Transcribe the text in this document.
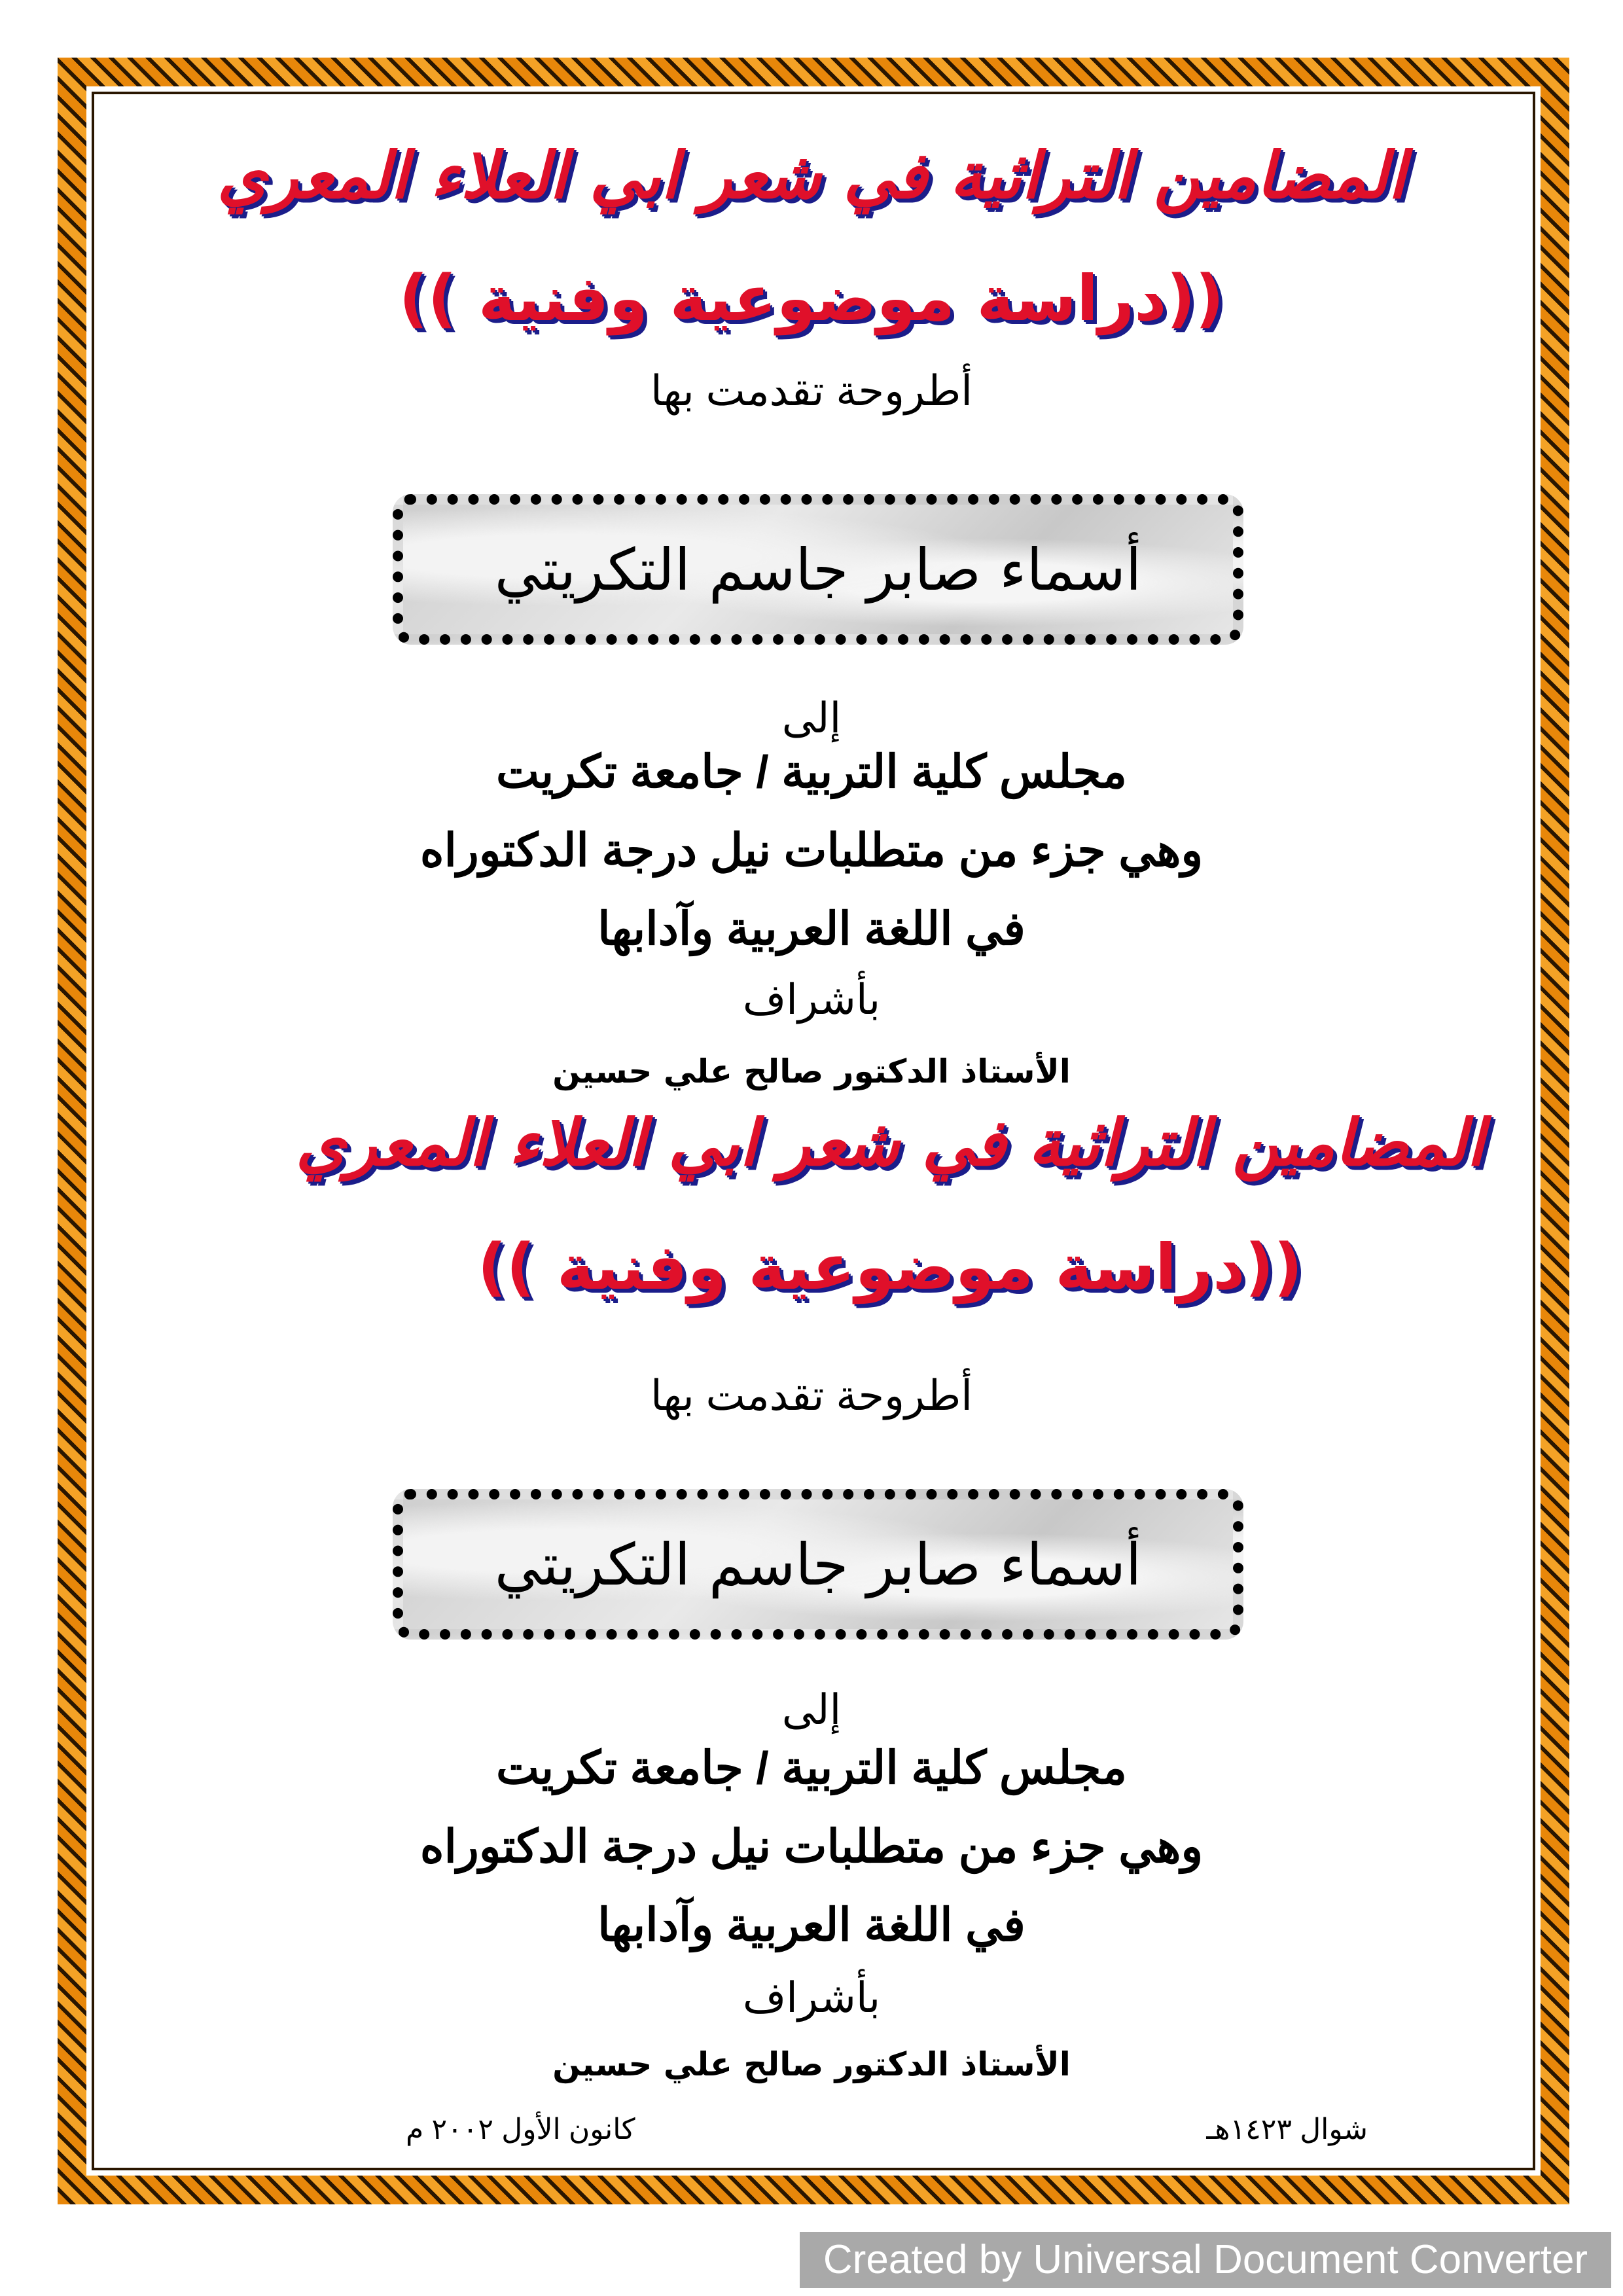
المضامين التراثية في شعر ابي العلاء المعري
((دراسة موضوعية وفنية ))
أطروحة تقدمت بها
أسماء صابر جاسم التكريتي
إلى
مجلس كلية التربية / جامعة تكريت
وهي جزء من متطلبات نيل درجة الدكتوراه
في اللغة العربية وآدابها
بأشراف
الأستاذ الدكتور صالح علي حسين
المضامين التراثية في شعر ابي العلاء المعري
((دراسة موضوعية وفنية ))
أطروحة تقدمت بها
أسماء صابر جاسم التكريتي
إلى
مجلس كلية التربية / جامعة تكريت
وهي جزء من متطلبات نيل درجة الدكتوراه
في اللغة العربية وآدابها
بأشراف
الأستاذ الدكتور صالح علي حسين
شوال ١٤٢٣هـ
كانون الأول ٢٠٠٢ م
Created by Universal Document Converter
